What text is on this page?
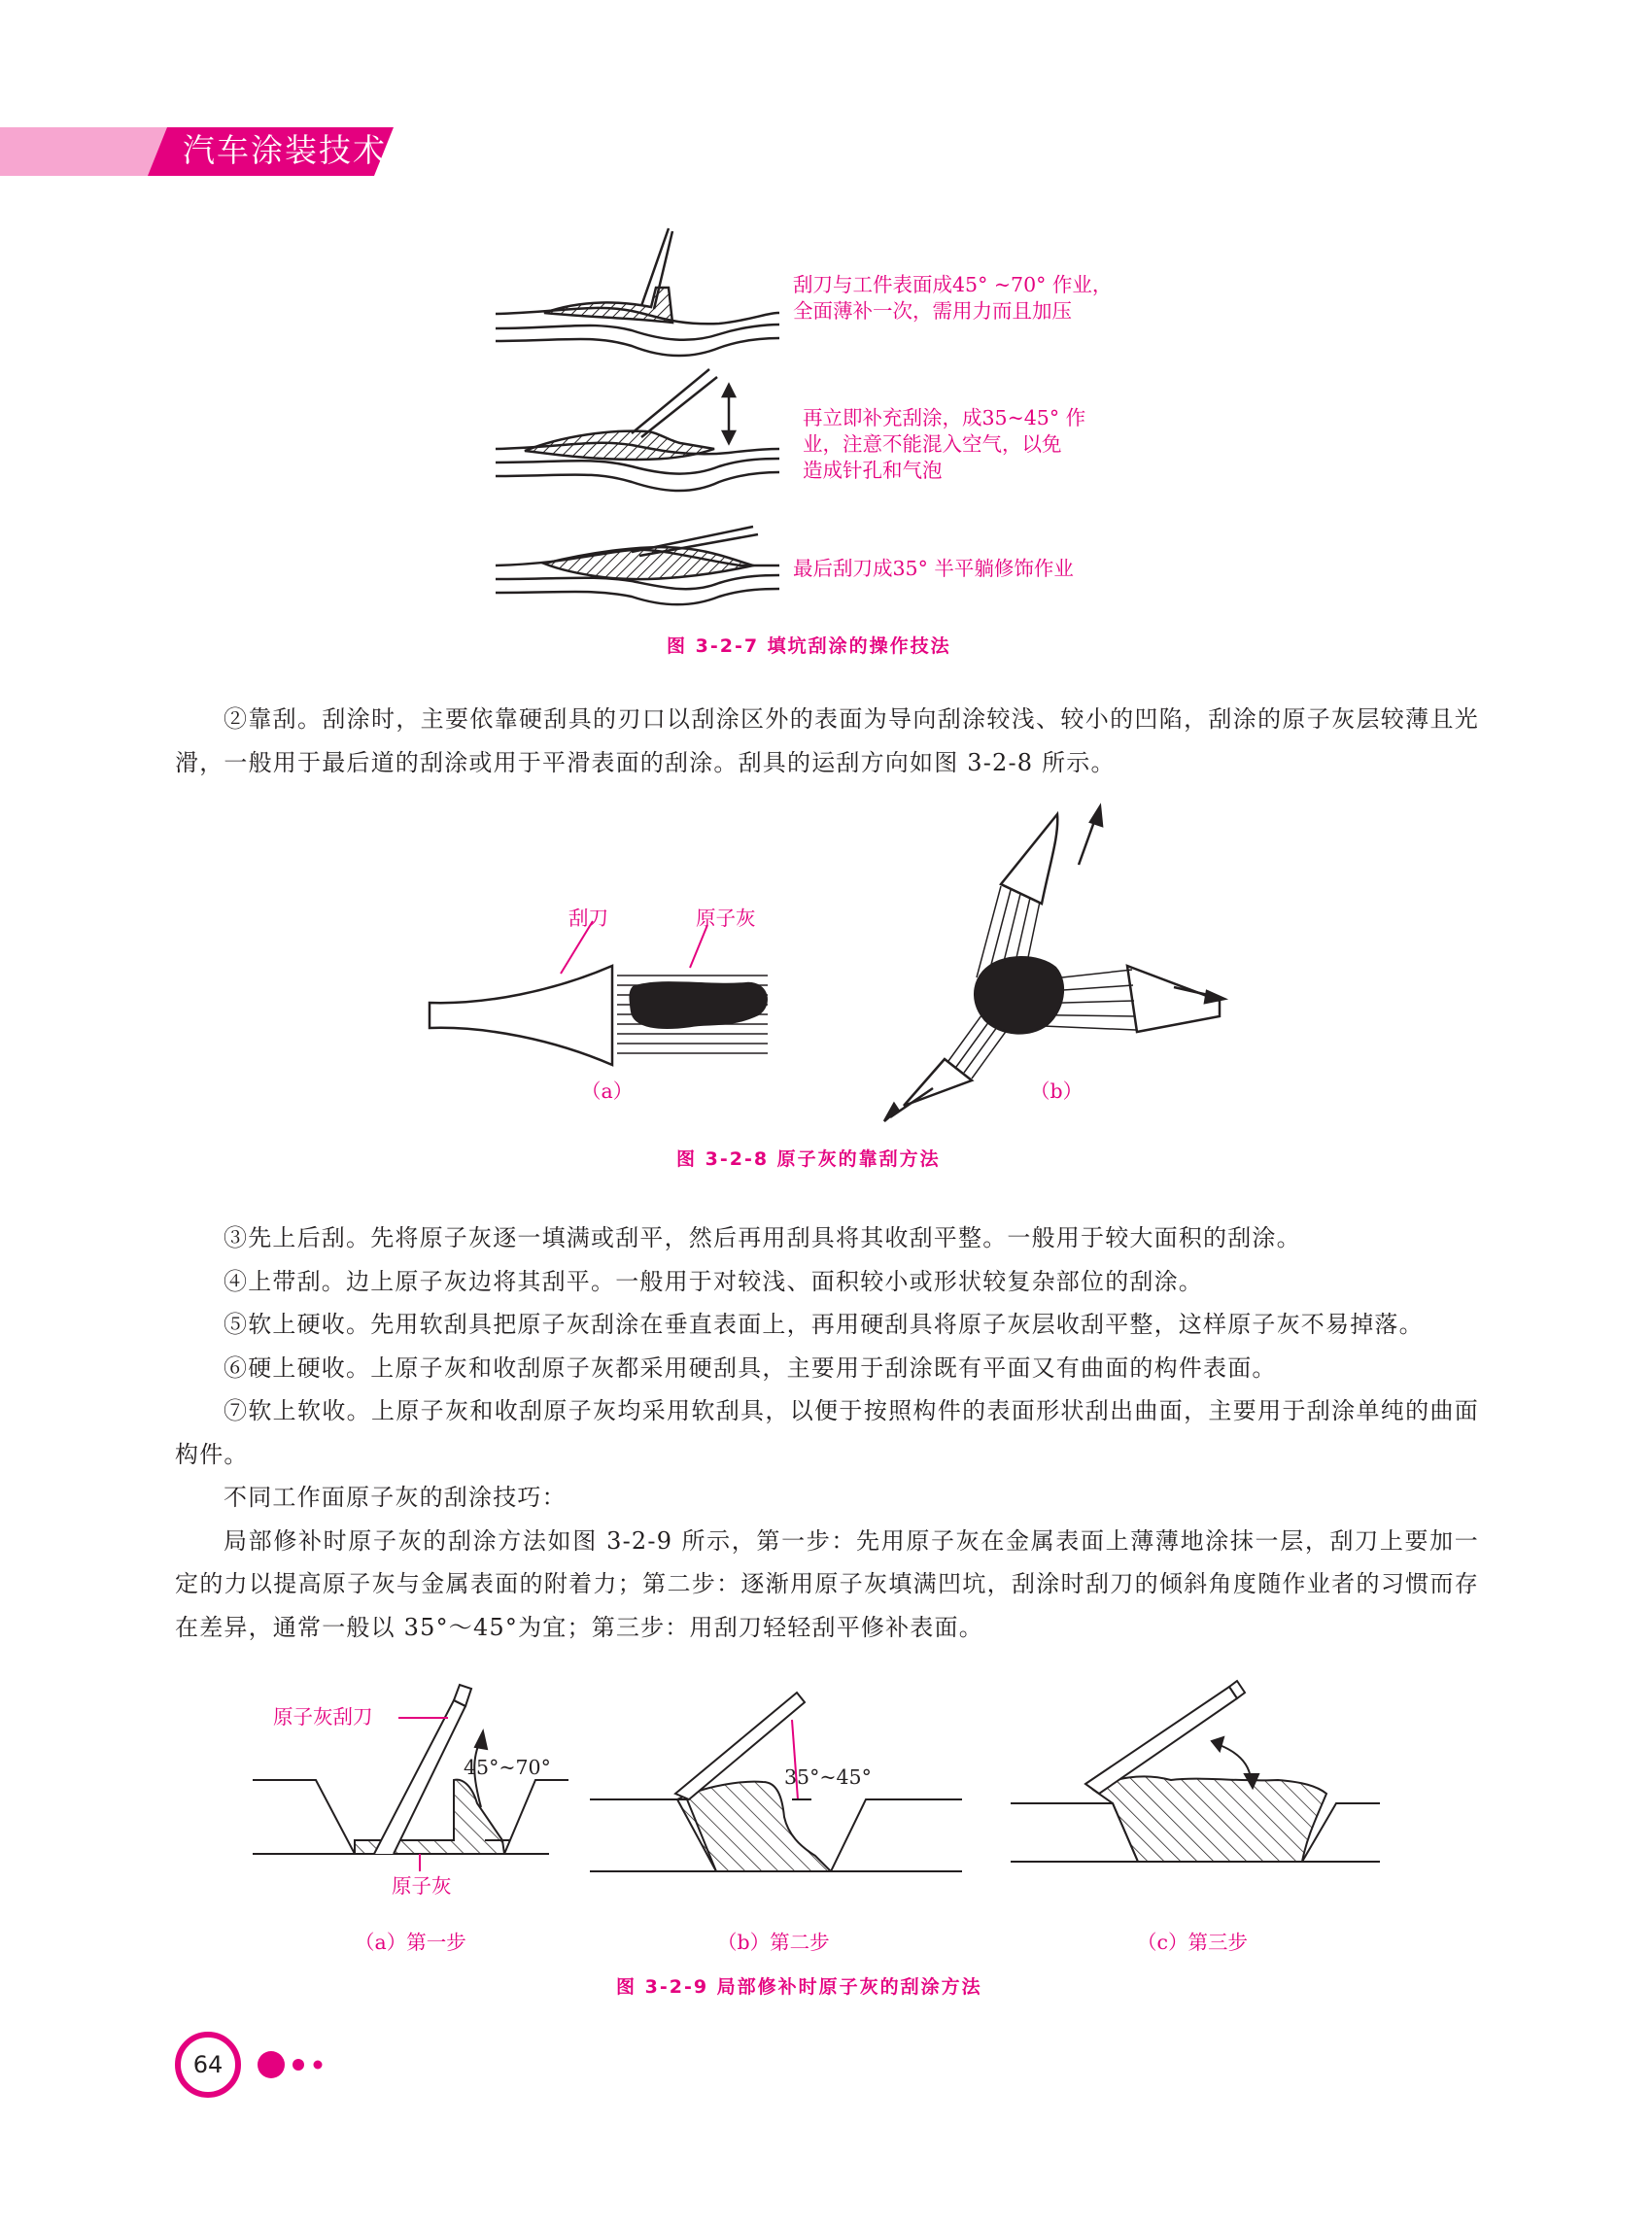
汽车涂装技术
刮刀与工件表面成45° ~70° 作业，
全面薄补一次，需用力而且加压
再立即补充刮涂，成35~45° 作
业，注意不能混入空气，以免
造成针孔和气泡
最后刮刀成35° 半平躺修饰作业
图 3-2-7 填坑刮涂的操作技法
②靠刮。刮涂时，主要依靠硬刮具的刃口以刮涂区外的表面为导向刮涂较浅、较小的凹陷，刮涂的原子灰层较薄且光滑，一般用于最后道的刮涂或用于平滑表面的刮涂。刮具的运刮方向如图 3-2-8 所示。
刮刀	原子灰
（a）	（b）
图 3-2-8 原子灰的靠刮方法
③先上后刮。先将原子灰逐一填满或刮平，然后再用刮具将其收刮平整。一般用于较大面积的刮涂。
④上带刮。边上原子灰边将其刮平。一般用于对较浅、面积较小或形状较复杂部位的刮涂。
⑤软上硬收。先用软刮具把原子灰刮涂在垂直表面上，再用硬刮具将原子灰层收刮平整，这样原子灰不易掉落。
⑥硬上硬收。上原子灰和收刮原子灰都采用硬刮具，主要用于刮涂既有平面又有曲面的构件表面。
⑦软上软收。上原子灰和收刮原子灰均采用软刮具，以便于按照构件的表面形状刮出曲面，主要用于刮涂单纯的曲面构件。
不同工作面原子灰的刮涂技巧：
局部修补时原子灰的刮涂方法如图 3-2-9 所示，第一步：先用原子灰在金属表面上薄薄地涂抹一层，刮刀上要加一定的力以提高原子灰与金属表面的附着力；第二步：逐渐用原子灰填满凹坑，刮涂时刮刀的倾斜角度随作业者的习惯而存在差异，通常一般以 35°～45°为宜；第三步：用刮刀轻轻刮平修补表面。
原子灰刮刀
45°~70°
原子灰
35°~45°
（a）第一步	（b）第二步	（c）第三步
图 3-2-9 局部修补时原子灰的刮涂方法
64
